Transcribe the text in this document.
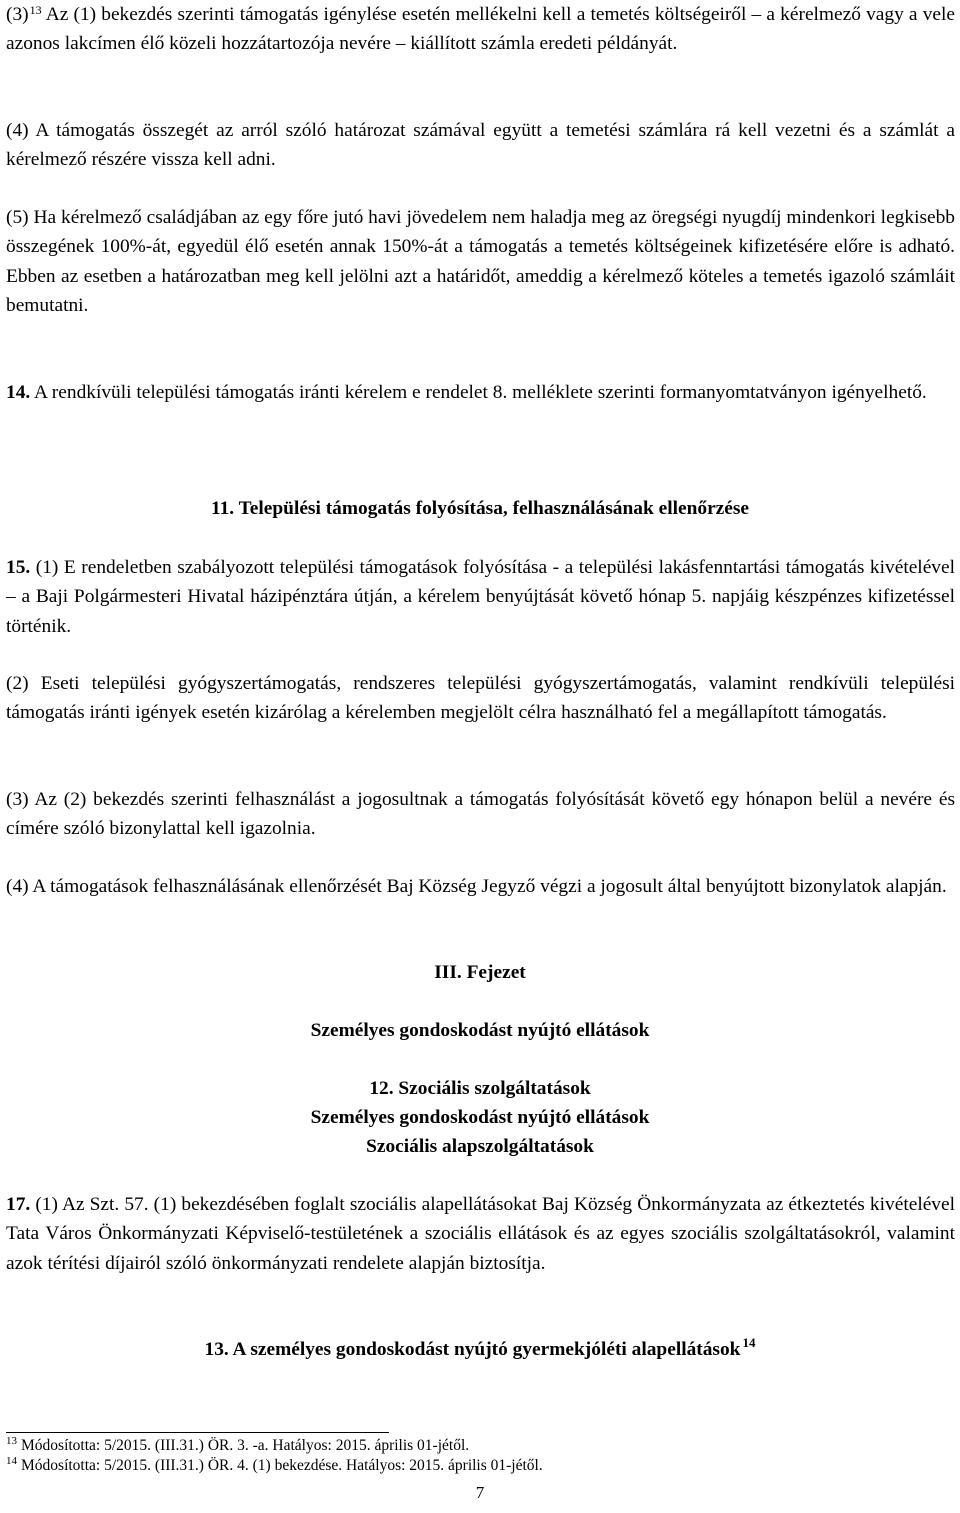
(3)$^{13}$ Az (1) bekezdés szerinti támogatás igénylése esetén mellékelni kell a temetés költségeiről – a kérelmező vagy a vele azonos lakcímen élő közeli hozzátartozója nevére – kiállított számla eredeti példányát.

(4) A támogatás összegét az arról szóló határozat számával együtt a temetési számlára rá kell vezetni és a számlát a kérelmező részére vissza kell adni.

(5) Ha kérelmező családjában az egy főre jutó havi jövedelem nem haladja meg az öregségi nyugdíj mindenkori legkisebb összegének 100%-át, egyedül élő esetén annak 150%-át a támogatás a temetés költségeinek kifizetésére előre is adható. Ebben az esetben a határozatban meg kell jelölni azt a határidőt, ameddig a kérelmező köteles a temetés igazoló számláit bemutatni.

14. A rendkívüli települési támogatás iránti kérelem e rendelet 8. melléklete szerinti formanyomtatványon igényelhető.

11. Települési támogatás folyósítása, felhasználásának ellenőrzése

15. (1) E rendeletben szabályozott települési támogatások folyósítása - a települési lakásfenntartási támogatás kivételével – a Baji Polgármesteri Hivatal házipénztára útján, a kérelem benyújtását követő hónap 5. napjáig készpénzes kifizetéssel történik.

(2) Eseti települési gyógyszertámogatás, rendszeres települési gyógyszertámogatás, valamint rendkívüli települési támogatás iránti igények esetén kizárólag a kérelemben megjelölt célra használható fel a megállapított támogatás.

(3) Az (2) bekezdés szerinti felhasználást a jogosultnak a támogatás folyósítását követő egy hónapon belül a nevére és címére szóló bizonylattal kell igazolnia.

(4) A támogatások felhasználásának ellenőrzését Baj Község Jegyző végzi a jogosult által benyújtott bizonylatok alapján.

III. Fejezet

Személyes gondoskodást nyújtó ellátások

12. Szociális szolgáltatások

Személyes gondoskodást nyújtó ellátások

Szociális alapszolgáltatások

17. (1) Az Szt. 57. (1) bekezdésében foglalt szociális alapellátásokat Baj Község Önkormányzata az étkeztetés kivételével Tata Város Önkormányzati Képviselő-testületének a szociális ellátások és az egyes szociális szolgáltatásokról, valamint azok térítési díjairól szóló önkormányzati rendelete alapján biztosítja.

13. A személyes gondoskodást nyújtó gyermekjóléti alapellátások $^{14}$

$^{13}$ Módosította: 5/2015. (III.31.) ÖR. 3. -a. Hatályos: 2015. április 01-jétől.

$^{14}$ Módosította: 5/2015. (III.31.) ÖR. 4. (1) bekezdése. Hatályos: 2015. április 01-jétől.

7
